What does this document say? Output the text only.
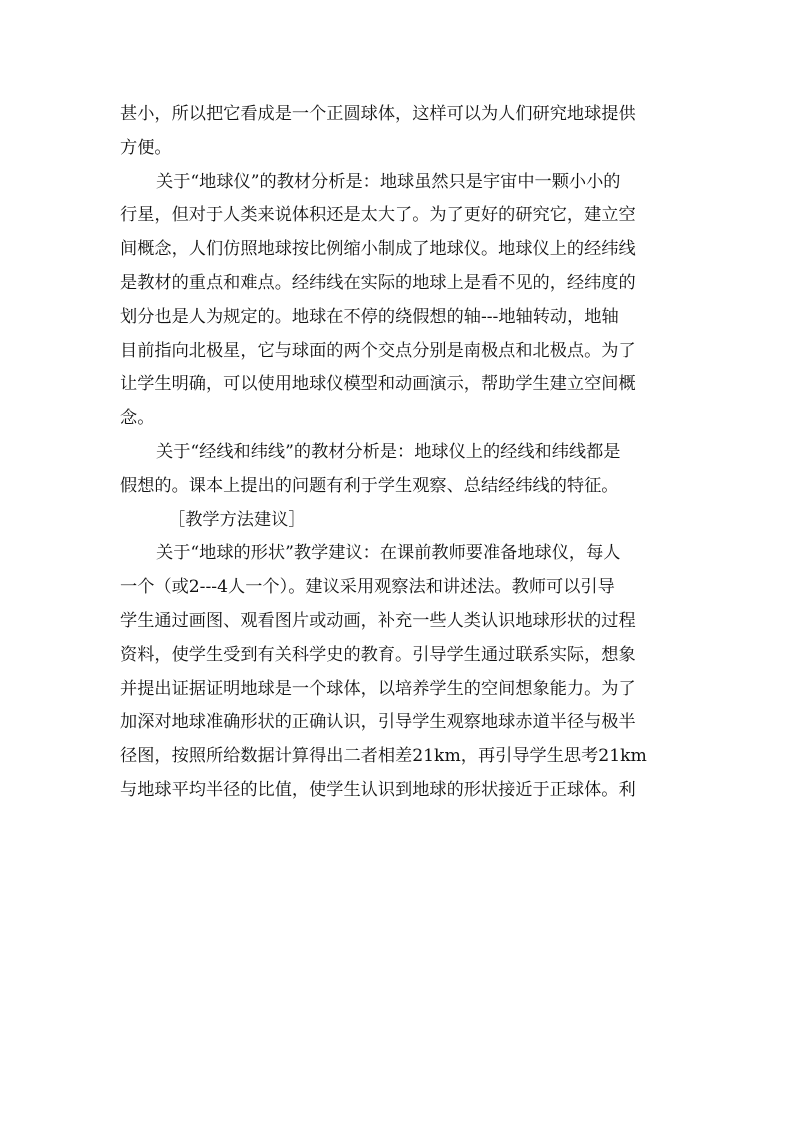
甚小，所以把它看成是一个正圆球体，这样可以为人们研究地球提供
方便。
关于“地球仪”的教材分析是：地球虽然只是宇宙中一颗小小的
行星，但对于人类来说体积还是太大了。为了更好的研究它，建立空
间概念，人们仿照地球按比例缩小制成了地球仪。地球仪上的经纬线
是教材的重点和难点。经纬线在实际的地球上是看不见的，经纬度的
划分也是人为规定的。地球在不停的绕假想的轴---地轴转动，地轴
目前指向北极星，它与球面的两个交点分别是南极点和北极点。为了
让学生明确，可以使用地球仪模型和动画演示，帮助学生建立空间概
念。
关于“经线和纬线”的教材分析是：地球仪上的经线和纬线都是
假想的。课本上提出的问题有利于学生观察、总结经纬线的特征。
［教学方法建议］
关于“地球的形状”教学建议：在课前教师要准备地球仪，每人
一个（或2---4人一个）。建议采用观察法和讲述法。教师可以引导
学生通过画图、观看图片或动画，补充一些人类认识地球形状的过程
资料，使学生受到有关科学史的教育。引导学生通过联系实际，想象
并提出证据证明地球是一个球体，以培养学生的空间想象能力。为了
加深对地球准确形状的正确认识，引导学生观察地球赤道半径与极半
径图，按照所给数据计算得出二者相差21km，再引导学生思考21km
与地球平均半径的比值，使学生认识到地球的形状接近于正球体。利
